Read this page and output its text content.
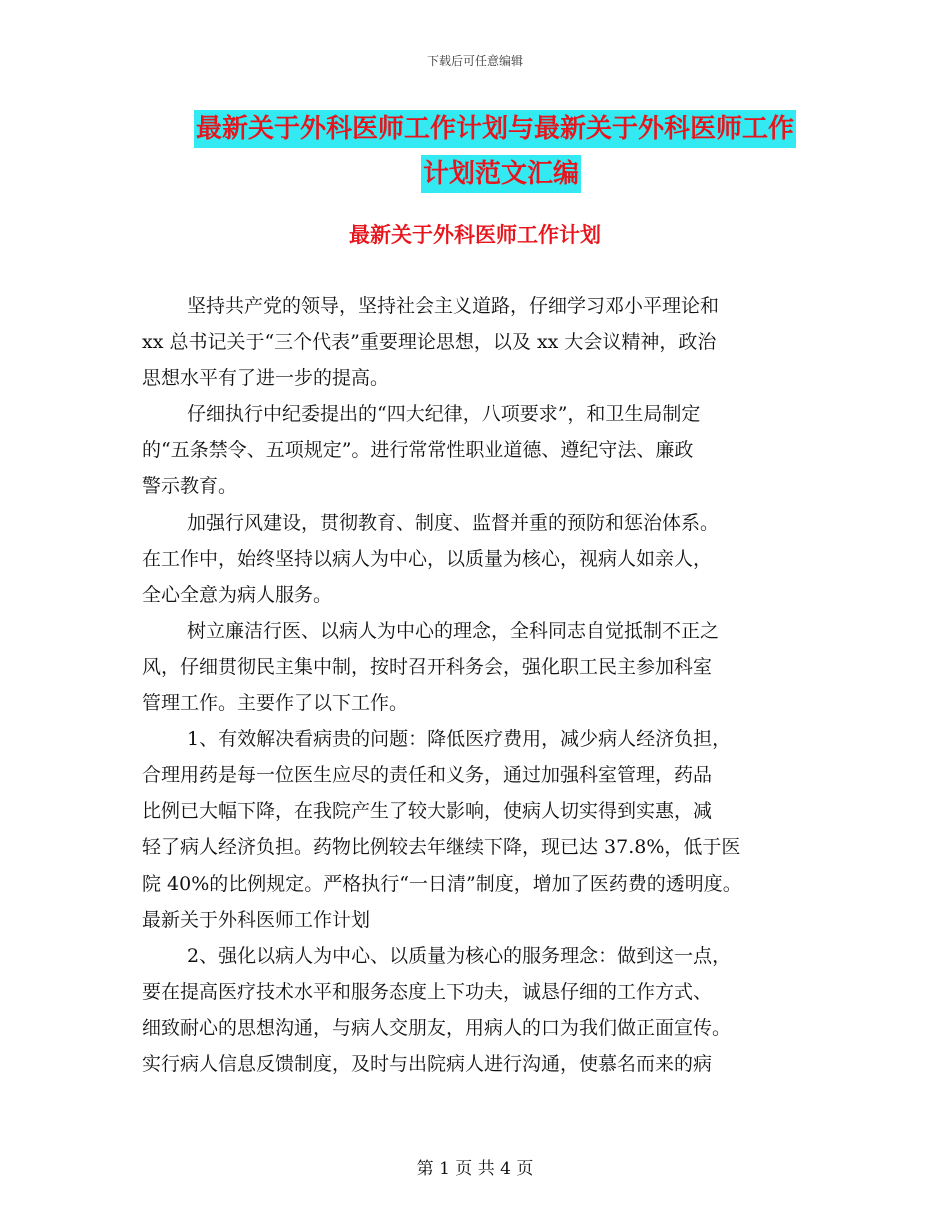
下载后可任意编辑
最新关于外科医师工作计划与最新关于外科医师工作
计划范文汇编
最新关于外科医师工作计划
坚持共产党的领导，坚持社会主义道路，仔细学习邓小平理论和
xx 总书记关于“三个代表”重要理论思想，以及 xx 大会议精神，政治
思想水平有了进一步的提高。
仔细执行中纪委提出的“四大纪律，八项要求”，和卫生局制定
的“五条禁令、五项规定”。进行常常性职业道德、遵纪守法、廉政
警示教育。
加强行风建设，贯彻教育、制度、监督并重的预防和惩治体系。
在工作中，始终坚持以病人为中心，以质量为核心，视病人如亲人，
全心全意为病人服务。
树立廉洁行医、以病人为中心的理念，全科同志自觉抵制不正之
风，仔细贯彻民主集中制，按时召开科务会，强化职工民主参加科室
管理工作。主要作了以下工作。
1、有效解决看病贵的问题：降低医疗费用，减少病人经济负担，
合理用药是每一位医生应尽的责任和义务，通过加强科室管理，药品
比例已大幅下降，在我院产生了较大影响，使病人切实得到实惠，减
轻了病人经济负担。药物比例较去年继续下降，现已达 37.8%，低于医
院 40%的比例规定。严格执行“一日清”制度，增加了医药费的透明度。
最新关于外科医师工作计划
2、强化以病人为中心、以质量为核心的服务理念：做到这一点，
要在提高医疗技术水平和服务态度上下功夫，诚恳仔细的工作方式、
细致耐心的思想沟通，与病人交朋友，用病人的口为我们做正面宣传。
实行病人信息反馈制度，及时与出院病人进行沟通，使慕名而来的病
第 1 页 共 4 页
